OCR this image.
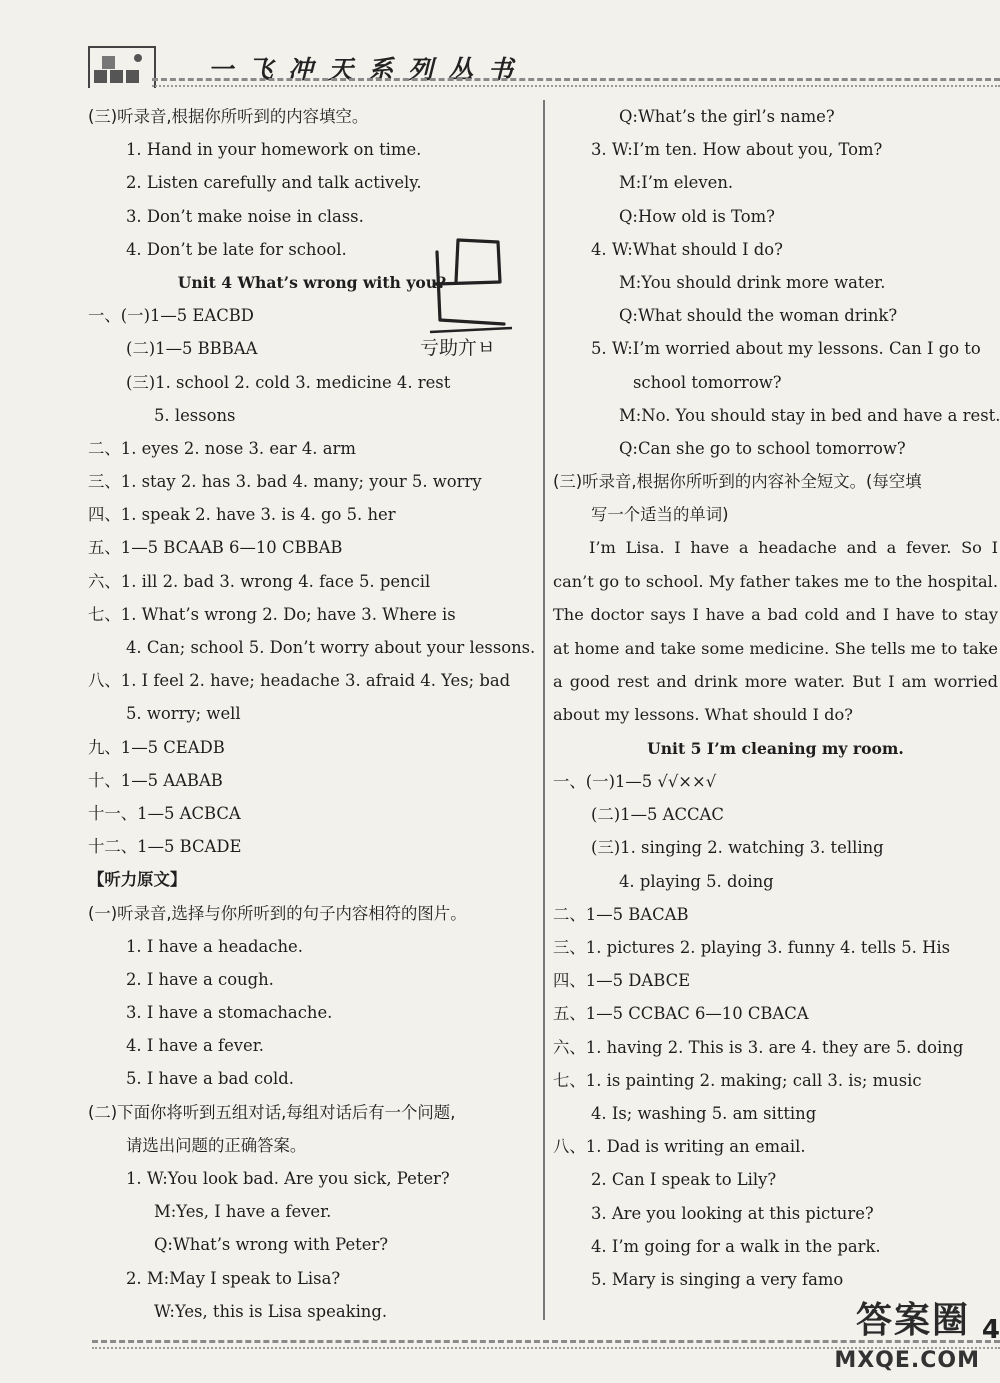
一飞冲天系列丛书
(三)听录音,根据你所听到的内容填空。
1. Hand in your homework on time.
2. Listen carefully and talk actively.
3. Don’t make noise in class.
4. Don’t be late for school.
Unit 4 What’s wrong with you?
一、(一)1—5 EACBD
(二)1—5 BBBAA
(三)1. school 2. cold 3. medicine 4. rest
5. lessons
二、1. eyes 2. nose 3. ear 4. arm
三、1. stay 2. has 3. bad 4. many; your 5. worry
四、1. speak 2. have 3. is 4. go 5. her
五、1—5 BCAAB 6—10 CBBAB
六、1. ill 2. bad 3. wrong 4. face 5. pencil
七、1. What’s wrong 2. Do; have 3. Where is
4. Can; school 5. Don’t worry about your lessons.
八、1. I feel 2. have; headache 3. afraid 4. Yes; bad
5. worry; well
九、1—5 CEADB
十、1—5 AABAB
十一、1—5 ACBCA
十二、1—5 BCADE
【听力原文】
(一)听录音,选择与你所听到的句子内容相符的图片。
1. I have a headache.
2. I have a cough.
3. I have a stomachache.
4. I have a fever.
5. I have a bad cold.
(二)下面你将听到五组对话,每组对话后有一个问题,
请选出问题的正确答案。
1. W:You look bad. Are you sick, Peter?
M:Yes, I have a fever.
Q:What’s wrong with Peter?
2. M:May I speak to Lisa?
W:Yes, this is Lisa speaking.
Q:What’s the girl’s name?
3. W:I’m ten. How about you, Tom?
M:I’m eleven.
Q:How old is Tom?
4. W:What should I do?
M:You should drink more water.
Q:What should the woman drink?
5. W:I’m worried about my lessons. Can I go to
school tomorrow?
M:No. You should stay in bed and have a rest.
Q:Can she go to school tomorrow?
(三)听录音,根据你所听到的内容补全短文。(每空填
写一个适当的单词)

I’m Lisa. I have a headache and a fever. So I can’t go to school. My father takes me to the hospital. The doctor says I have a bad cold and I have to stay at home and take some medicine. She tells me to take a good rest and drink more water. But I am worried about my lessons. What should I do?

Unit 5 I’m cleaning my room.
一、(一)1—5 √√××√
(二)1—5 ACCAC
(三)1. singing 2. watching 3. telling
4. playing 5. doing
二、1—5 BACAB
三、1. pictures 2. playing 3. funny 4. tells 5. His
四、1—5 DABCE
五、1—5 CCBAC 6—10 CBACA
六、1. having 2. This is 3. are 4. they are 5. doing
七、1. is painting 2. making; call 3. is; music
4. Is; washing 5. am sitting
八、1. Dad is writing an email.
2. Can I speak to Lily?
3. Are you looking at this picture?
4. I’m going for a walk in the park.
5. Mary is singing a very famo
亏助亣ㅂ
答案圈
MXQE.COM
4
